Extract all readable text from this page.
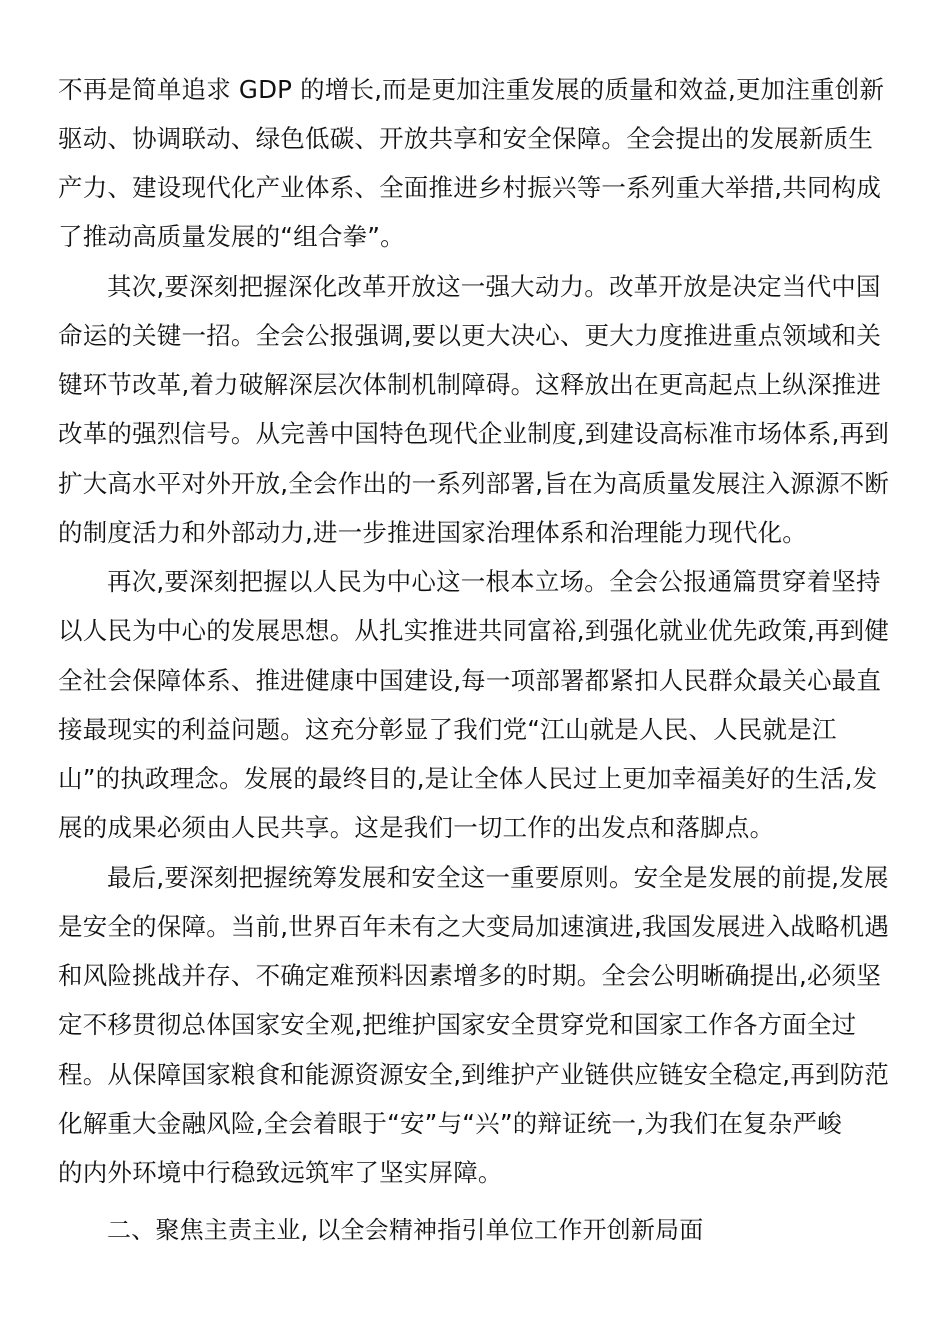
不再是简单追求 GDP 的增长,而是更加注重发展的质量和效益,更加注重创新
驱动、协调联动、绿色低碳、开放共享和安全保障。全会提出的发展新质生
产力、建设现代化产业体系、全面推进乡村振兴等一系列重大举措,共同构成
了推动高质量发展的“组合拳”。
其次,要深刻把握深化改革开放这一强大动力。改革开放是决定当代中国
命运的关键一招。全会公报强调,要以更大决心、更大力度推进重点领域和关
键环节改革,着力破解深层次体制机制障碍。这释放出在更高起点上纵深推进
改革的强烈信号。从完善中国特色现代企业制度,到建设高标准市场体系,再到
扩大高水平对外开放,全会作出的一系列部署,旨在为高质量发展注入源源不断
的制度活力和外部动力,进一步推进国家治理体系和治理能力现代化。
再次,要深刻把握以人民为中心这一根本立场。全会公报通篇贯穿着坚持
以人民为中心的发展思想。从扎实推进共同富裕,到强化就业优先政策,再到健
全社会保障体系、推进健康中国建设,每一项部署都紧扣人民群众最关心最直
接最现实的利益问题。这充分彰显了我们党“江山就是人民、人民就是江
山”的执政理念。发展的最终目的,是让全体人民过上更加幸福美好的生活,发
展的成果必须由人民共享。这是我们一切工作的出发点和落脚点。
最后,要深刻把握统筹发展和安全这一重要原则。安全是发展的前提,发展
是安全的保障。当前,世界百年未有之大变局加速演进,我国发展进入战略机遇
和风险挑战并存、不确定难预料因素增多的时期。全会公明晰确提出,必须坚
定不移贯彻总体国家安全观,把维护国家安全贯穿党和国家工作各方面全过
程。从保障国家粮食和能源资源安全,到维护产业链供应链安全稳定,再到防范
化解重大金融风险,全会着眼于“安”与“兴”的辩证统一,为我们在复杂严峻
的内外环境中行稳致远筑牢了坚实屏障。
二、聚焦主责主业, 以全会精神指引单位工作开创新局面
